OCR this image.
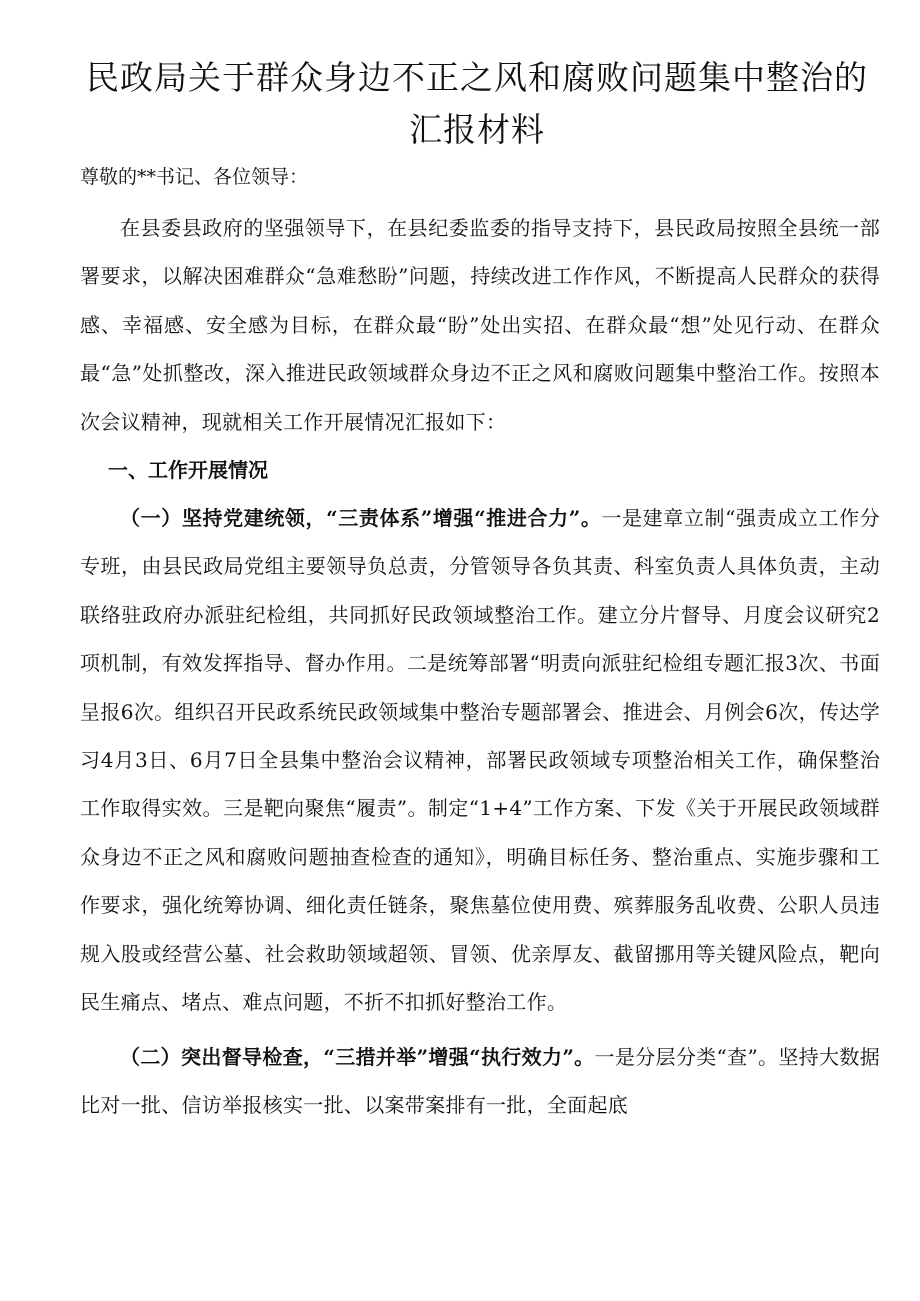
民政局关于群众身边不正之风和腐败问题集中整治的
汇报材料

尊敬的**书记、各位领导：

在县委县政府的坚强领导下，在县纪委监委的指导支持下，县民政局按照全县统一部署要求，以解决困难群众“急难愁盼”问题，持续改进工作作风，不断提高人民群众的获得感、幸福感、安全感为目标，在群众最“盼”处出实招、在群众最“想”处见行动、在群众最“急”处抓整改，深入推进民政领域群众身边不正之风和腐败问题集中整治工作。按照本次会议精神，现就相关工作开展情况汇报如下：

一、工作开展情况

（一）坚持党建统领，“三责体系”增强“推进合力”。一是建章立制“强责成立工作分专班，由县民政局党组主要领导负总责，分管领导各负其责、科室负责人具体负责，主动联络驻政府办派驻纪检组，共同抓好民政领域整治工作。建立分片督导、月度会议研究2项机制，有效发挥指导、督办作用。二是统筹部署“明责向派驻纪检组专题汇报3次、书面呈报6次。组织召开民政系统民政领域集中整治专题部署会、推进会、月例会6次，传达学习4月3日、6月7日全县集中整治会议精神，部署民政领域专项整治相关工作，确保整治工作取得实效。三是靶向聚焦“履责”。制定“1+4”工作方案、下发《关于开展民政领域群众身边不正之风和腐败问题抽查检查的通知》，明确目标任务、整治重点、实施步骤和工作要求，强化统筹协调、细化责任链条，聚焦墓位使用费、殡葬服务乱收费、公职人员违规入股或经营公墓、社会救助领域超领、冒领、优亲厚友、截留挪用等关键风险点，靶向民生痛点、堵点、难点问题，不折不扣抓好整治工作。

（二）突出督导检查，“三措并举”增强“执行效力”。一是分层分类“查”。坚持大数据比对一批、信访举报核实一批、以案带案排有一批，全面起底
